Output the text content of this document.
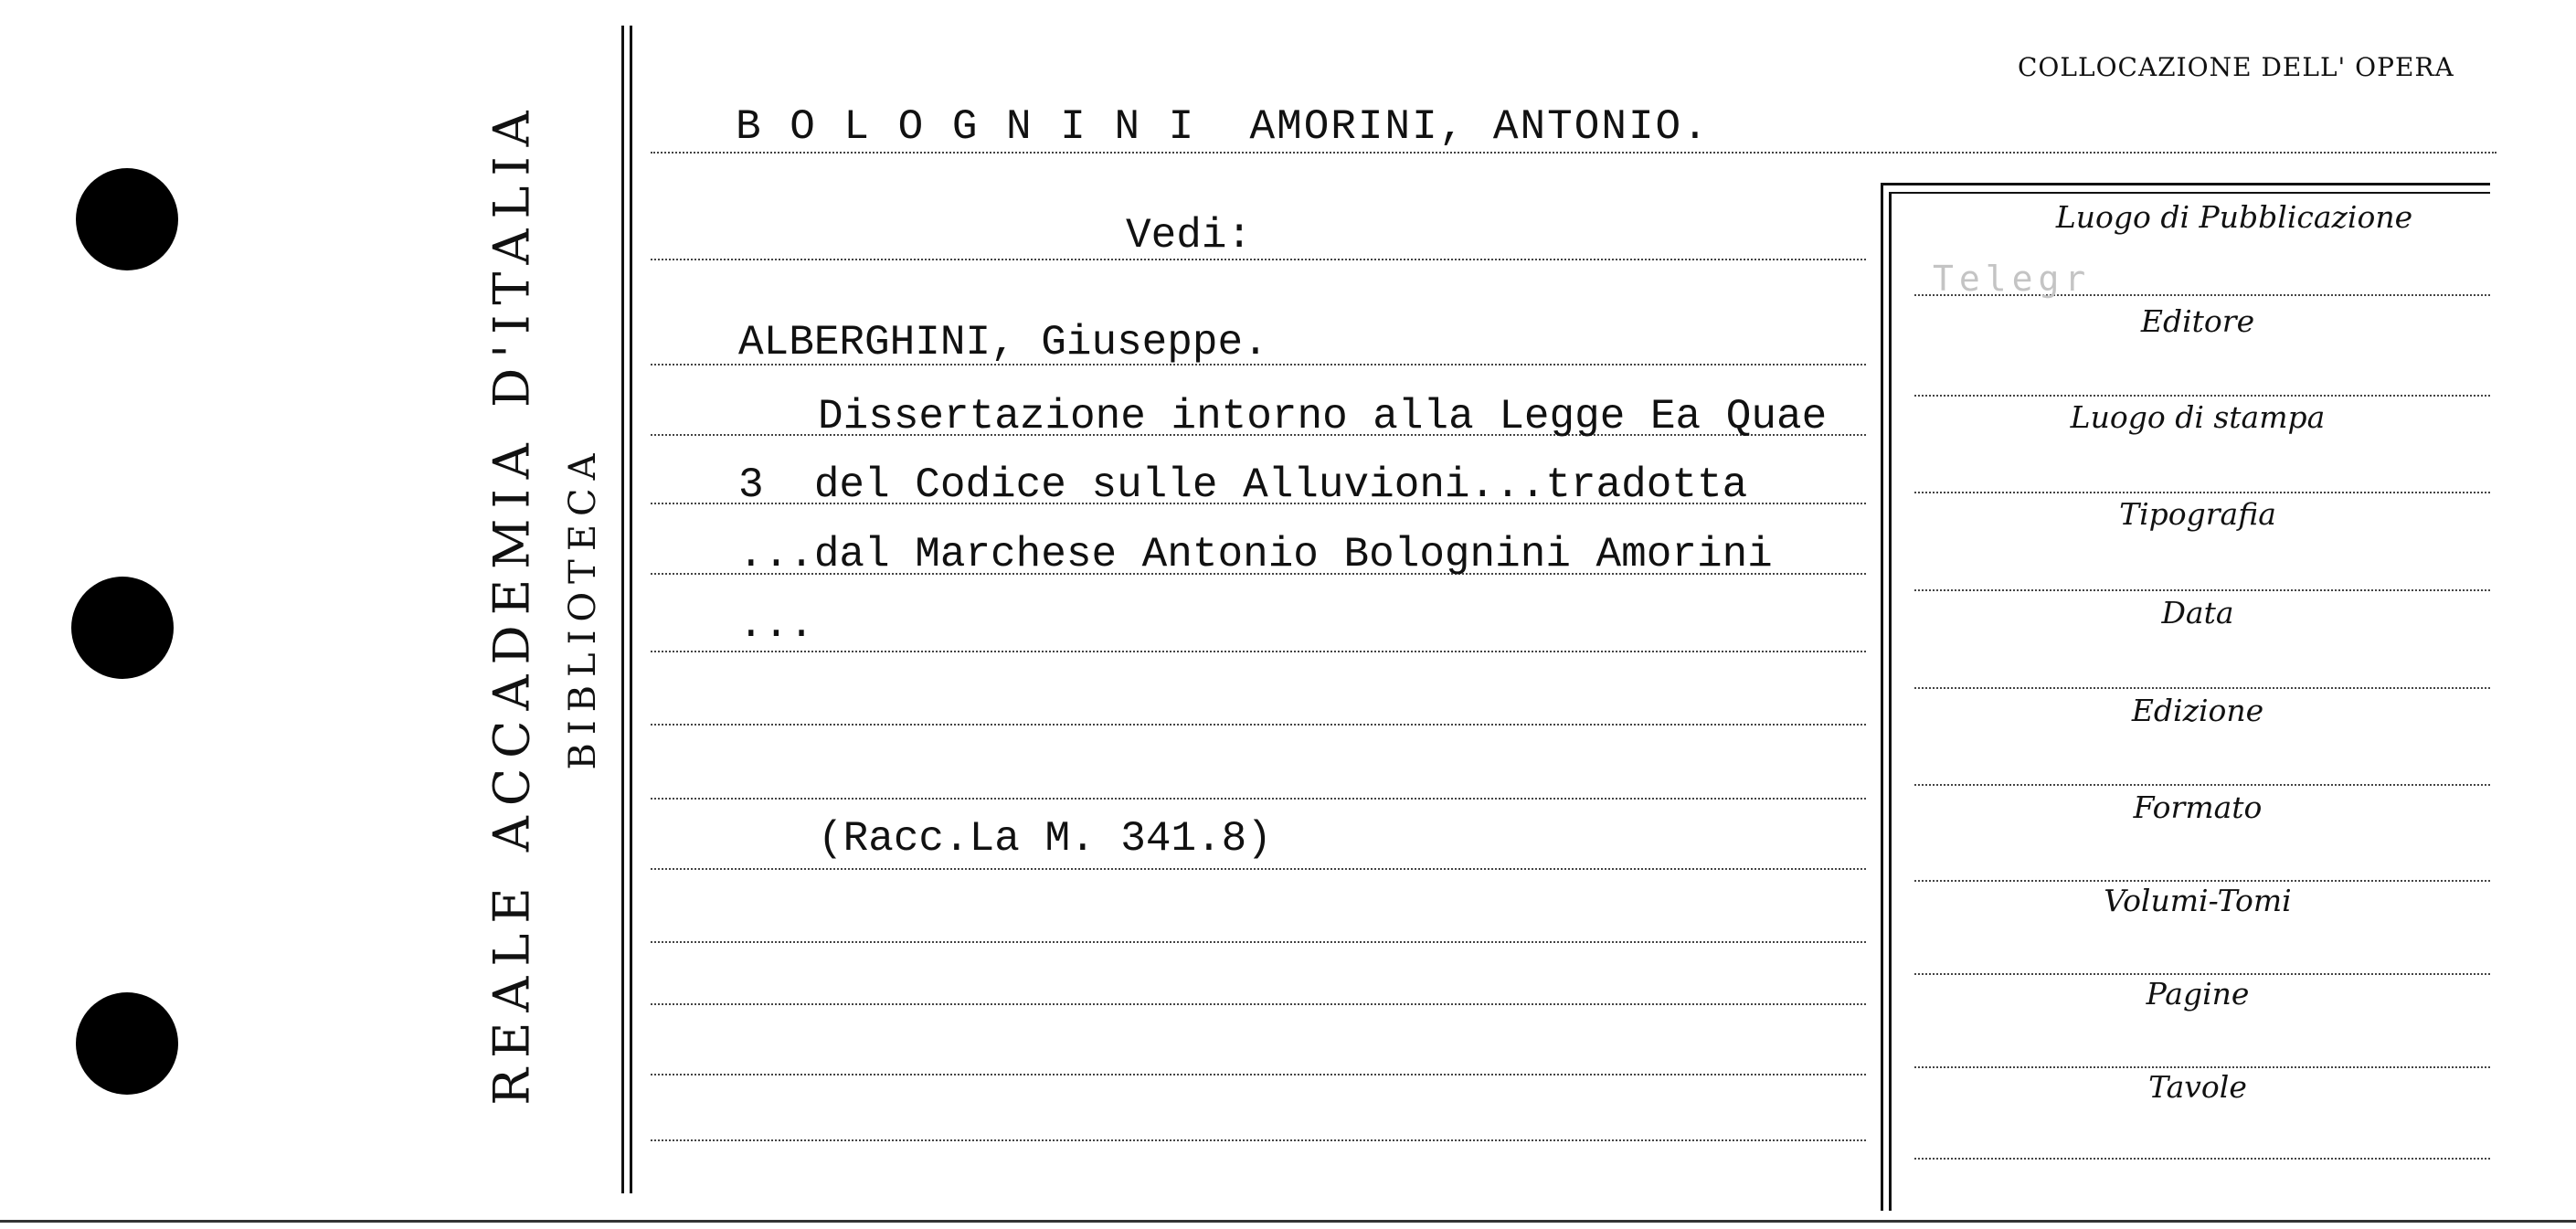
REALE ACCADEMIA D'ITALIA BIBLIOTECA
Luogo di Pubblicazione
Editore
Luogo di stampa
Tipografia
Data
Edizione
Formato
Volumi-Tomi
Pagine
Tavole
Telegr
COLLOCAZIONE DELL' OPERA
B O L O G N I N I  AMORINI, ANTONIO.
Vedi:
ALBERGHINI, Giuseppe.
Dissertazione intorno alla Legge Ea Quae
3  del Codice sulle Alluvioni...tradotta
...dal Marchese Antonio Bolognini Amorini
...
(Racc.La M. 341.8)
